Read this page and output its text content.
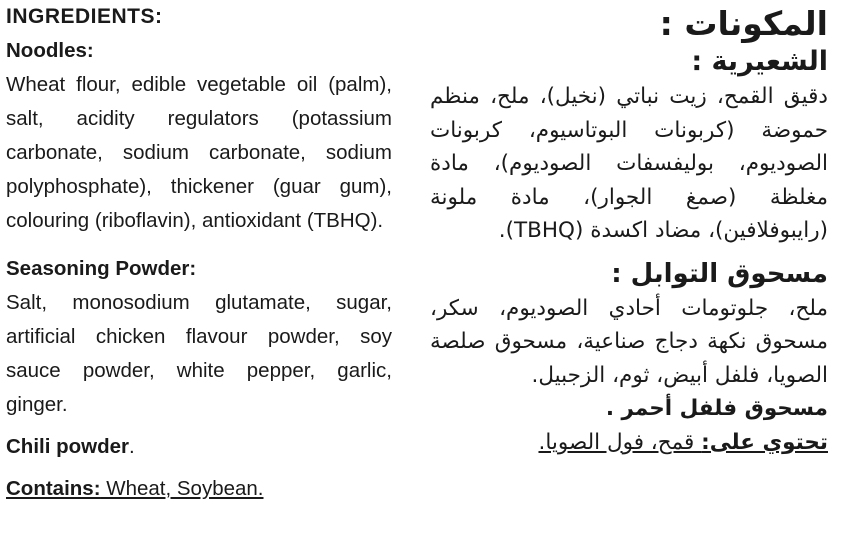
INGREDIENTS:
Noodles:
Wheat flour, edible vegetable oil (palm), salt, acidity regulators (potassium carbonate, sodium carbonate, sodium polyphosphate), thickener (guar gum), colouring (riboflavin), antioxidant (TBHQ).
Seasoning Powder:
Salt, monosodium glutamate, sugar, artificial chicken flavour powder, soy sauce powder, white pepper, garlic, ginger.
Chili powder.
Contains: Wheat, Soybean.
المكونات :
الشعيرية :
دقيق القمح، زيت نباتي (نخيل)، ملح، منظم حموضة (كربونات البوتاسيوم، كربونات الصوديوم، بوليفسفات الصوديوم)، مادة مغلظة (صمغ الجوار)، مادة ملونة (رايبوفلافين)، مضاد اكسدة (TBHQ).
مسحوق التوابل :
ملح، جلوتومات أحادي الصوديوم، سكر، مسحوق نكهة دجاج صناعية، مسحوق صلصة الصويا، فلفل أبيض، ثوم، الزجبيل.
مسحوق فلفل أحمر .
تحتوي على: قمح، فول الصويا.
